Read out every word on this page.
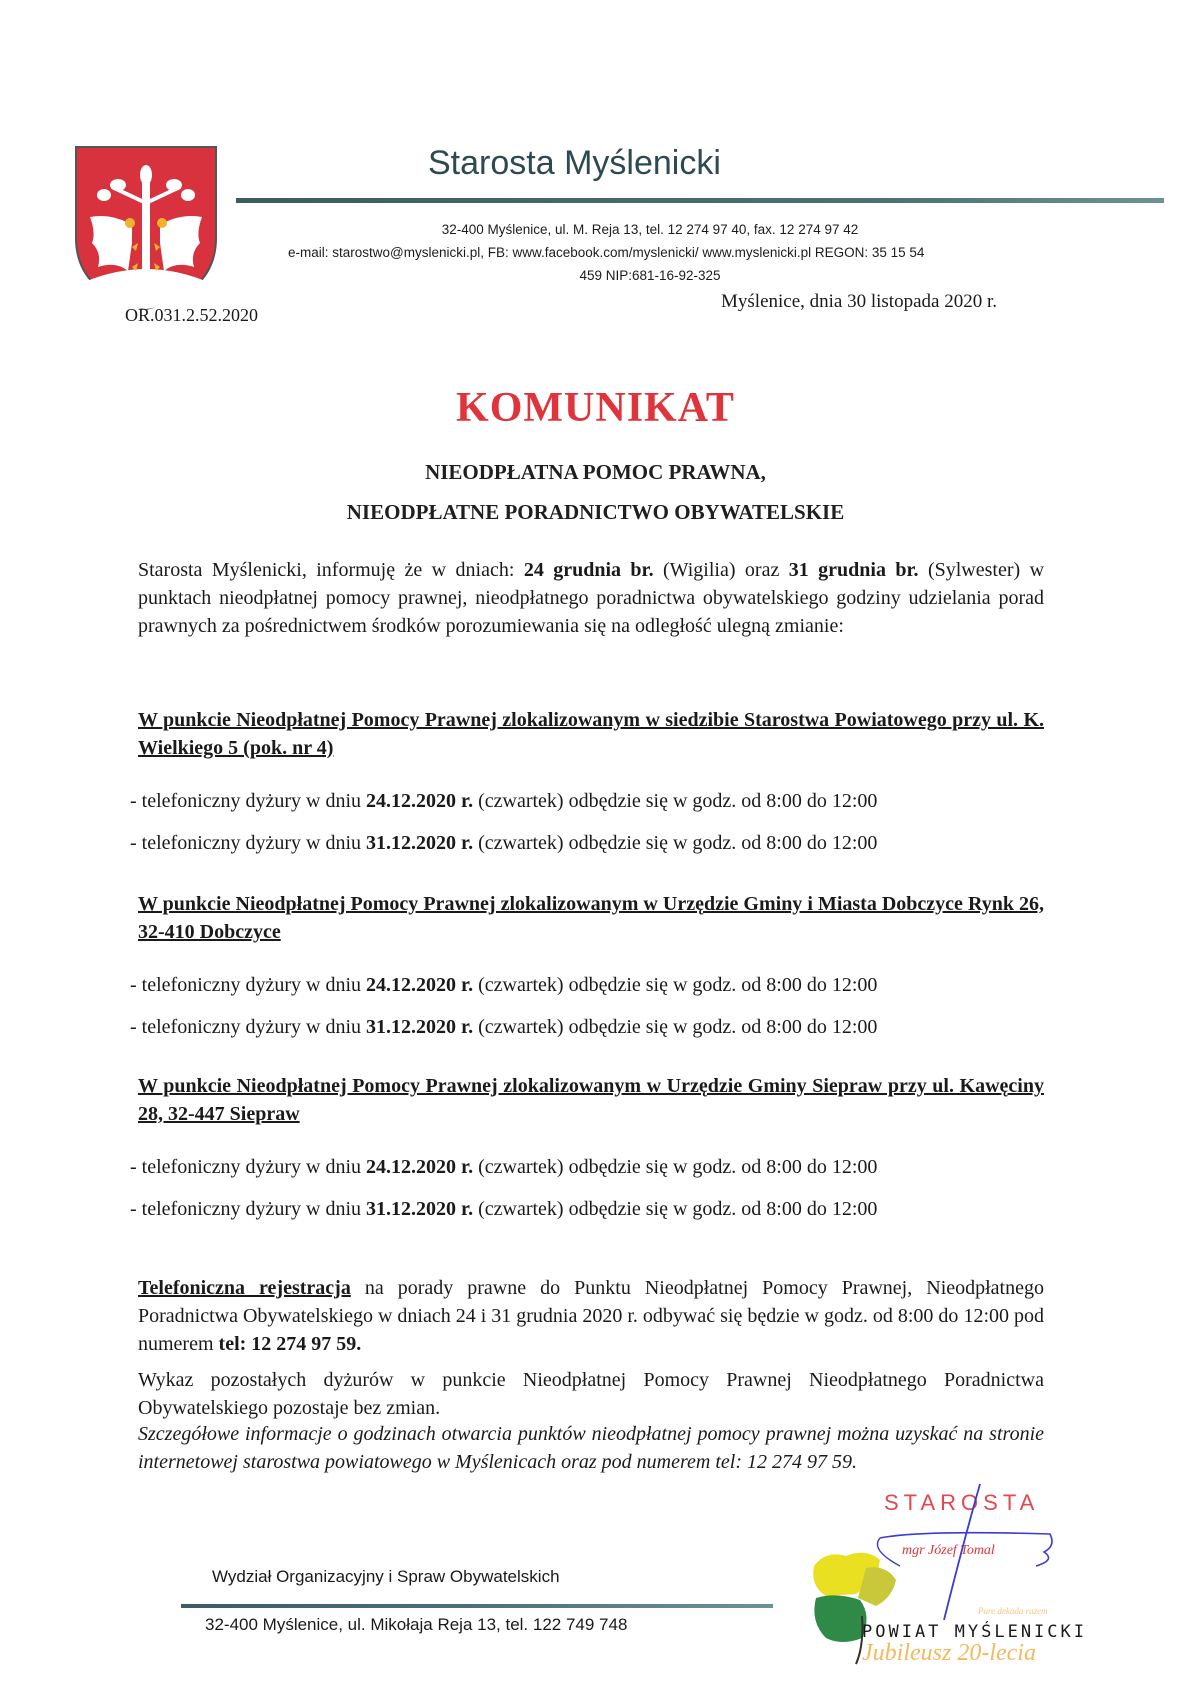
Starosta Myślenicki
32-400 Myślenice, ul. M. Reja 13, tel. 12 274 97 40, fax. 12 274 97 42
e-mail: starostwo@myslenicki.pl, FB: www.facebook.com/myslenicki/ www.myslenicki.pl REGON: 35 15 54
459 NIP:681-16-92-325
OR.031.2.52.2020
Myślenice, dnia 30 listopada 2020 r.
KOMUNIKAT
NIEODPŁATNA POMOC PRAWNA,
NIEODPŁATNE PORADNICTWO OBYWATELSKIE
Starosta Myślenicki, informuję że w dniach: 24 grudnia br. (Wigilia) oraz 31 grudnia br. (Sylwester) w punktach nieodpłatnej pomocy prawnej, nieodpłatnego poradnictwa obywatelskiego godziny udzielania porad prawnych za pośrednictwem środków porozumiewania się na odległość ulegną zmianie:
W punkcie Nieodpłatnej Pomocy Prawnej zlokalizowanym w siedzibie Starostwa Powiatowego przy ul. K. Wielkiego 5 (pok. nr 4)
- telefoniczny dyżury w dniu 24.12.2020 r. (czwartek) odbędzie się w godz. od 8:00 do 12:00
- telefoniczny dyżury w dniu 31.12.2020 r. (czwartek) odbędzie się w godz. od 8:00 do 12:00
W punkcie Nieodpłatnej Pomocy Prawnej zlokalizowanym w Urzędzie Gminy i Miasta Dobczyce Rynk 26, 32-410 Dobczyce
- telefoniczny dyżury w dniu 24.12.2020 r. (czwartek) odbędzie się w godz. od 8:00 do 12:00
- telefoniczny dyżury w dniu 31.12.2020 r. (czwartek) odbędzie się w godz. od 8:00 do 12:00
W punkcie Nieodpłatnej Pomocy Prawnej zlokalizowanym w Urzędzie Gminy Siepraw przy ul. Kawęciny 28, 32-447 Siepraw
- telefoniczny dyżury w dniu 24.12.2020 r. (czwartek) odbędzie się w godz. od 8:00 do 12:00
- telefoniczny dyżury w dniu 31.12.2020 r. (czwartek) odbędzie się w godz. od 8:00 do 12:00
Telefoniczna rejestracja na porady prawne do Punktu Nieodpłatnej Pomocy Prawnej, Nieodpłatnego Poradnictwa Obywatelskiego w dniach 24 i 31 grudnia 2020 r. odbywać się będzie w godz. od 8:00 do 12:00 pod numerem tel: 12 274 97 59.
Wykaz pozostałych dyżurów w punkcie Nieodpłatnej Pomocy Prawnej Nieodpłatnego Poradnictwa Obywatelskiego pozostaje bez zmian.
Szczegółowe informacje o godzinach otwarcia punktów nieodpłatnej pomocy prawnej można uzyskać na stronie internetowej starostwa powiatowego w Myślenicach oraz pod numerem tel: 12 274 97 59.
STAROSTA
mgr Józef Tomal
Pare dekada razem
POWIAT MYŚLENICKI
Jubileusz 20-lecia
Wydział Organizacyjny i Spraw Obywatelskich
32-400 Myślenice, ul. Mikołaja Reja 13, tel. 122 749 748
